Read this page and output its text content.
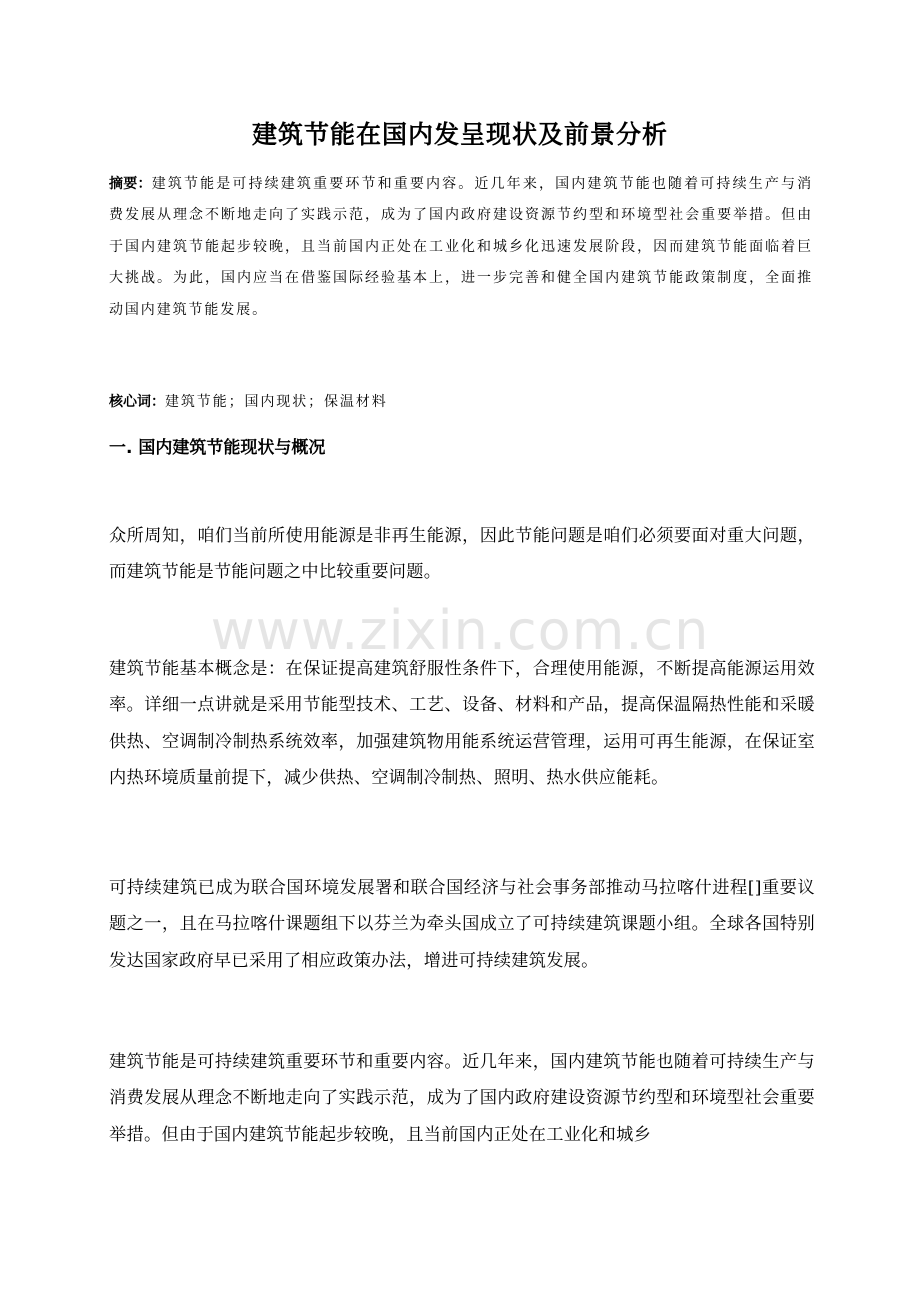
建筑节能在国内发呈现状及前景分析
摘要：建筑节能是可持续建筑重要环节和重要内容。近几年来，国内建筑节能也随着可持续生产与消费发展从理念不断地走向了实践示范，成为了国内政府建设资源节约型和环境型社会重要举措。但由于国内建筑节能起步较晚，且当前国内正处在工业化和城乡化迅速发展阶段，因而建筑节能面临着巨大挑战。为此，国内应当在借鉴国际经验基本上，进一步完善和健全国内建筑节能政策制度，全面推动国内建筑节能发展。
核心词：建筑节能；国内现状；保温材料
一. 国内建筑节能现状与概况
众所周知，咱们当前所使用能源是非再生能源，因此节能问题是咱们必须要面对重大问题，而建筑节能是节能问题之中比较重要问题。
建筑节能基本概念是：在保证提高建筑舒服性条件下，合理使用能源，不断提高能源运用效率。详细一点讲就是采用节能型技术、工艺、设备、材料和产品，提高保温隔热性能和采暖供热、空调制冷制热系统效率，加强建筑物用能系统运营管理，运用可再生能源，在保证室内热环境质量前提下，减少供热、空调制冷制热、照明、热水供应能耗。
可持续建筑已成为联合国环境发展署和联合国经济与社会事务部推动马拉喀什进程[]重要议题之一，且在马拉喀什课题组下以芬兰为牵头国成立了可持续建筑课题小组。全球各国特别发达国家政府早已采用了相应政策办法，增进可持续建筑发展。
建筑节能是可持续建筑重要环节和重要内容。近几年来，国内建筑节能也随着可持续生产与消费发展从理念不断地走向了实践示范，成为了国内政府建设资源节约型和环境型社会重要举措。但由于国内建筑节能起步较晚，且当前国内正处在工业化和城乡
www.zixin.com.cn
